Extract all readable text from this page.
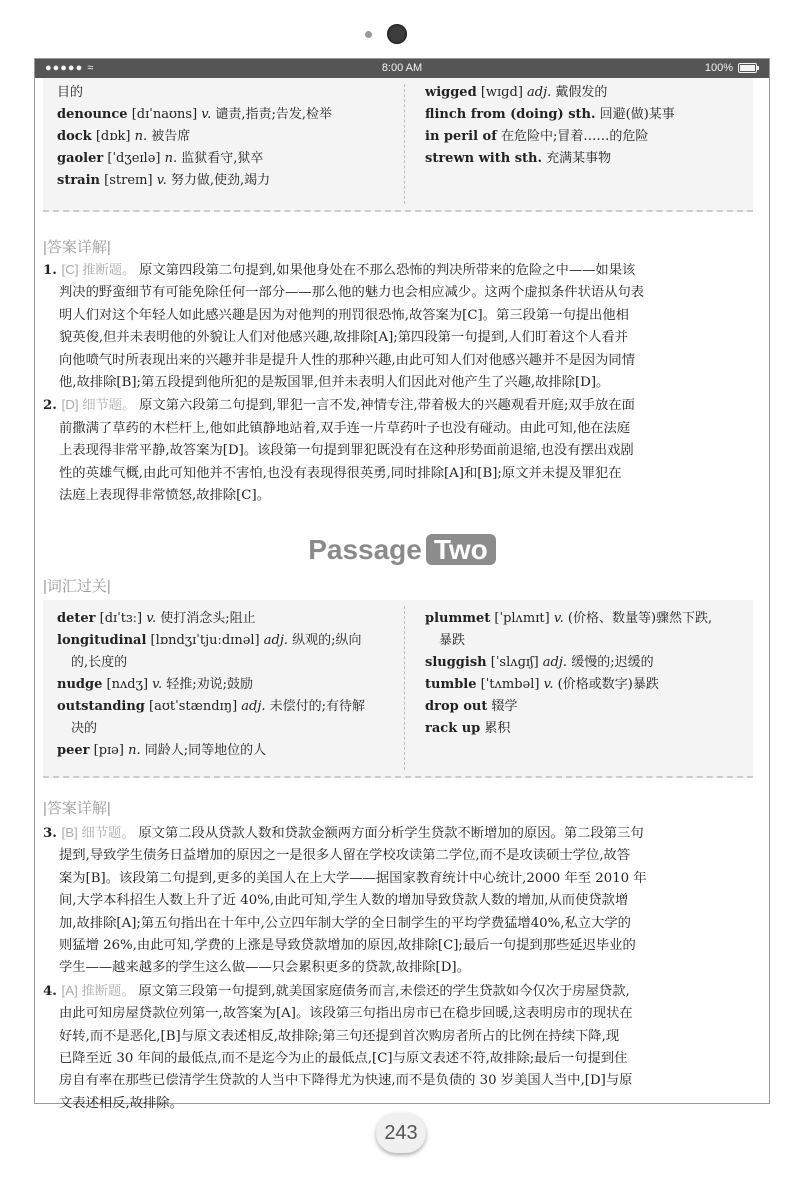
●●●●● ≈	8:00 AM	100%
目的
denounce [dɪˈnaʊns] v. 谴责,指责;告发,检举
dock [dɒk] n. 被告席
gaoler [ˈdʒeɪlə] n. 监狱看守,狱卒
strain [streɪn] v. 努力做,使劲,竭力
wigged [wɪɡd] adj. 戴假发的
flinch from (doing) sth. 回避(做)某事
in peril of 在危险中;冒着……的危险
strewn with sth. 充满某事物
|答案详解|
1. [C] 推断题。 原文第四段第二句提到,如果他身处在不那么恐怖的判决所带来的危险之中——如果该
判决的野蛮细节有可能免除任何一部分——那么他的魅力也会相应减少。这两个虚拟条件状语从句表
明人们对这个年轻人如此感兴趣是因为对他判的刑罚很恐怖,故答案为[C]。第三段第一句提出他相
貌英俊,但并未表明他的外貌让人们对他感兴趣,故排除[A];第四段第一句提到,人们盯着这个人看并
向他喷气时所表现出来的兴趣并非是提升人性的那种兴趣,由此可知人们对他感兴趣并不是因为同情
他,故排除[B];第五段提到他所犯的是叛国罪,但并未表明人们因此对他产生了兴趣,故排除[D]。
2. [D] 细节题。 原文第六段第二句提到,罪犯一言不发,神情专注,带着极大的兴趣观看开庭;双手放在面
前撒满了草药的木栏杆上,他如此镇静地站着,双手连一片草药叶子也没有碰动。由此可知,他在法庭
上表现得非常平静,故答案为[D]。该段第一句提到罪犯既没有在这种形势面前退缩,也没有摆出戏剧
性的英雄气概,由此可知他并不害怕,也没有表现得很英勇,同时排除[A]和[B];原文并未提及罪犯在
法庭上表现得非常愤怒,故排除[C]。
Passage Two
|词汇过关|
deter [dɪˈtɜː] v. 使打消念头;阻止
longitudinal [lɒndʒɪˈtjuːdɪnəl] adj. 纵观的;纵向
的,长度的
nudge [nʌdʒ] v. 轻推;劝说;鼓励
outstanding [aʊtˈstændɪŋ] adj. 未偿付的;有待解
决的
peer [pɪə] n. 同龄人;同等地位的人
plummet [ˈplʌmɪt] v. (价格、数量等)骤然下跌,
暴跌
sluggish [ˈslʌɡɪʃ] adj. 缓慢的;迟缓的
tumble [ˈtʌmbəl] v. (价格或数字)暴跌
drop out 辍学
rack up 累积
|答案详解|
3. [B] 细节题。 原文第二段从贷款人数和贷款金额两方面分析学生贷款不断增加的原因。第二段第三句
提到,导致学生债务日益增加的原因之一是很多人留在学校攻读第二学位,而不是攻读硕士学位,故答
案为[B]。该段第二句提到,更多的美国人在上大学——据国家教育统计中心统计,2000 年至 2010 年
间,大学本科招生人数上升了近 40%,由此可知,学生人数的增加导致贷款人数的增加,从而使贷款增
加,故排除[A];第五句指出在十年中,公立四年制大学的全日制学生的平均学费猛增40%,私立大学的
则猛增 26%,由此可知,学费的上涨是导致贷款增加的原因,故排除[C];最后一句提到那些延迟毕业的
学生——越来越多的学生这么做——只会累积更多的贷款,故排除[D]。
4. [A] 推断题。 原文第三段第一句提到,就美国家庭债务而言,未偿还的学生贷款如今仅次于房屋贷款,
由此可知房屋贷款位列第一,故答案为[A]。该段第三句指出房市已在稳步回暖,这表明房市的现状在
好转,而不是恶化,[B]与原文表述相反,故排除;第三句还提到首次购房者所占的比例在持续下降,现
已降至近 30 年间的最低点,而不是迄今为止的最低点,[C]与原文表述不符,故排除;最后一句提到住
房自有率在那些已偿清学生贷款的人当中下降得尤为快速,而不是负债的 30 岁美国人当中,[D]与原
文表述相反,故排除。
243
